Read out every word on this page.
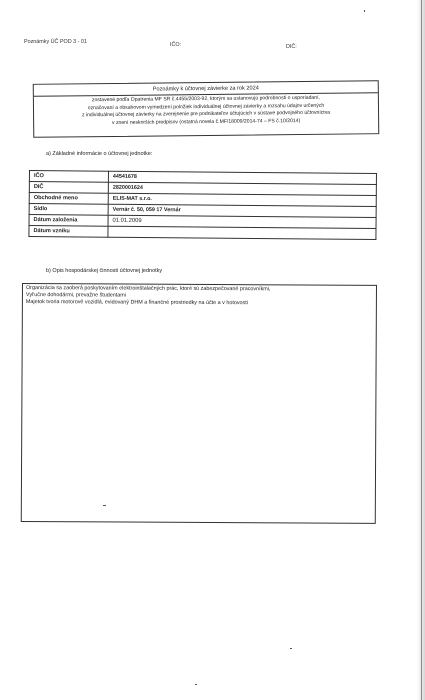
Poznámky ÚČ POD 3 - 01	IČO:	DIČ:
Poznámky k účtovnej závierke za rok 2024
zostavené podľa Opatrenia MF SR č.4455/2003-92, ktorým sa ustanovujú podrobnosti o usporiadaní,
označovaní a obsahovom vymedzení položiek individuálnej účtovnej závierky a rozsahu údajov určených
z individuálnej účtovnej závierky na zverejnenie pre podnikateľov účtujúcich v sústave podvojného účtovníctva
v znení neskorších predpisov (ostatná novela č.MF/18009/2014-74 – FS č.10/2014)
a) Základné informácie o účtovnej jednotke:
IČO	44541678
DIČ	2820001624
Obchodné meno	ELIS-MAT s.r.o.
Sídlo	Vernár č. 50, 059 17 Vernár
Dátum založenia	01.01.2009
Dátum vzniku	
b) Opis hospodárskej činnosti účtovnej jednotky
Organizácia sa zaoberá poskytovaním elektroinštalačných prác, ktoré sú zabezpečované pracovníkmi,
Vyl'učne dohodármi, prevažne študentami
Majetok tvoria motorové vozidlá, evidovaný DHM a finančné prostriedky na účte a v hotovosti
